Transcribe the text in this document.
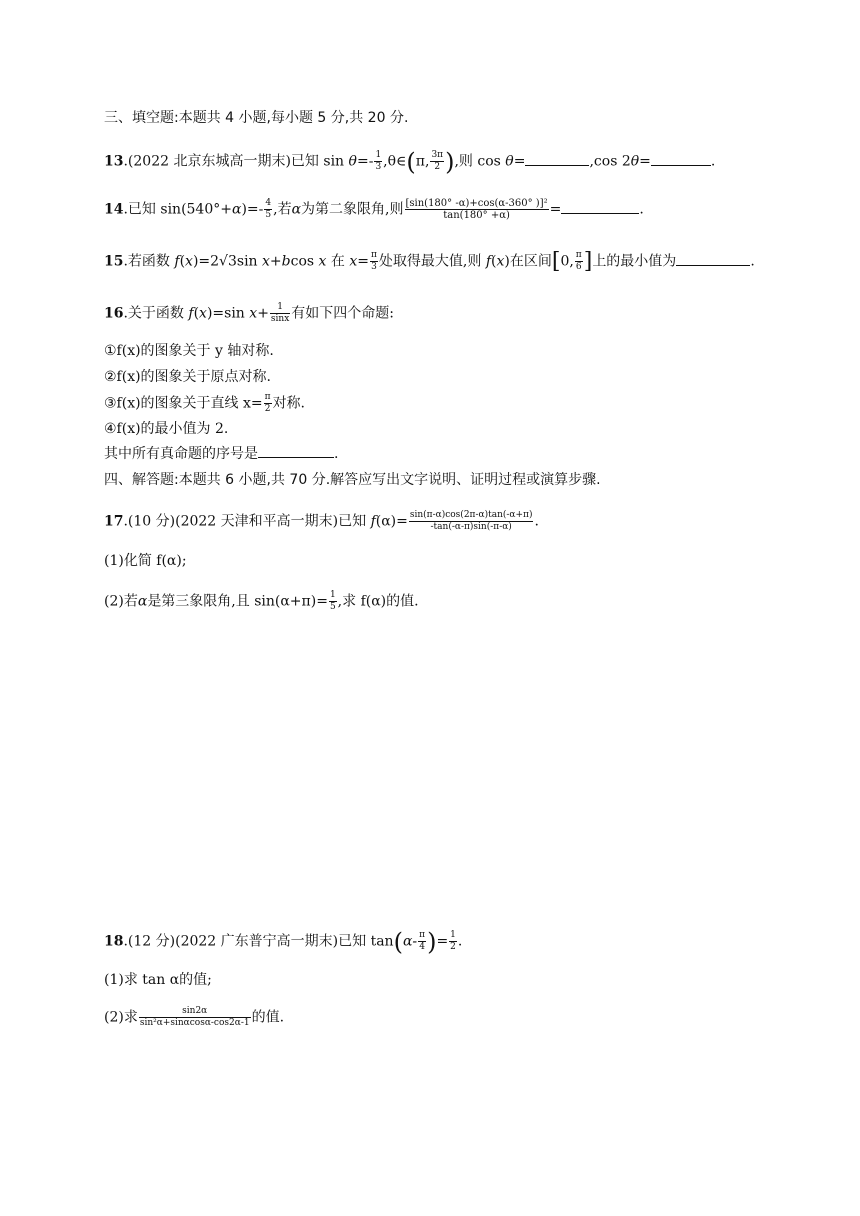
三、填空题:本题共 4 小题,每小题 5 分,共 20 分.
13.(2022 北京东城高一期末)已知 $\sin \theta=- \frac{1}{3}$ ,θ∈(π, $\frac{3\pi}{2}$ ),则 cos θ=	,cos 2θ=	.
14.已知 $\sin(540^\circ+\alpha)=- \frac{4}{5}$ ,若α为第二象限角,则 $\frac{\text{[sin(180° -α)+cos(α-360° )]²}}{\tan(180^\circ +\alpha)}$ =	.
15.若函数 f(x)=2√3sin x+bcos x 在 $x= \frac{\pi}{3}$ 处取得最大值,则 f(x)在区间[0, $\frac{\pi}{6}$ ]上的最小值为	.
16.关于函数 f(x)=sin $x+ \frac{1}{\sin x}$ 有如下四个命题:
①f(x)的图象关于 y 轴对称.
②f(x)的图象关于原点对称.
③f(x)的图象关于直线 $x= \frac{\pi}{2}$ 对称.
④f(x)的最小值为 2.
其中所有真命题的序号是	.
四、解答题:本题共 6 小题,共 70 分.解答应写出文字说明、证明过程或演算步骤.
17.(10 分)(2022 天津和平高一期末)已知 $f(\alpha)= \frac{\sin(\pi-\alpha)\cos(2\pi-\alpha)\tan(-\alpha+\pi)}{-\tan(-\alpha-\pi)\sin(-\pi-\alpha)}$ .
(1)化简 f(α);
(2)若α是第三象限角,且 $\sin(\alpha+\pi)= \frac{1}{5}$ ,求 f(α)的值.
18.(12 分)(2022 广东普宁高一期末)已知 $\tan(\alpha- \frac{\pi}{4}$ )= $\frac{1}{2}$ .
(1)求 tan α的值;
(2)求 $\frac{\sin 2\alpha}{\text{sin²α+sinαcosα-cos2α-1}}$ 的值.
